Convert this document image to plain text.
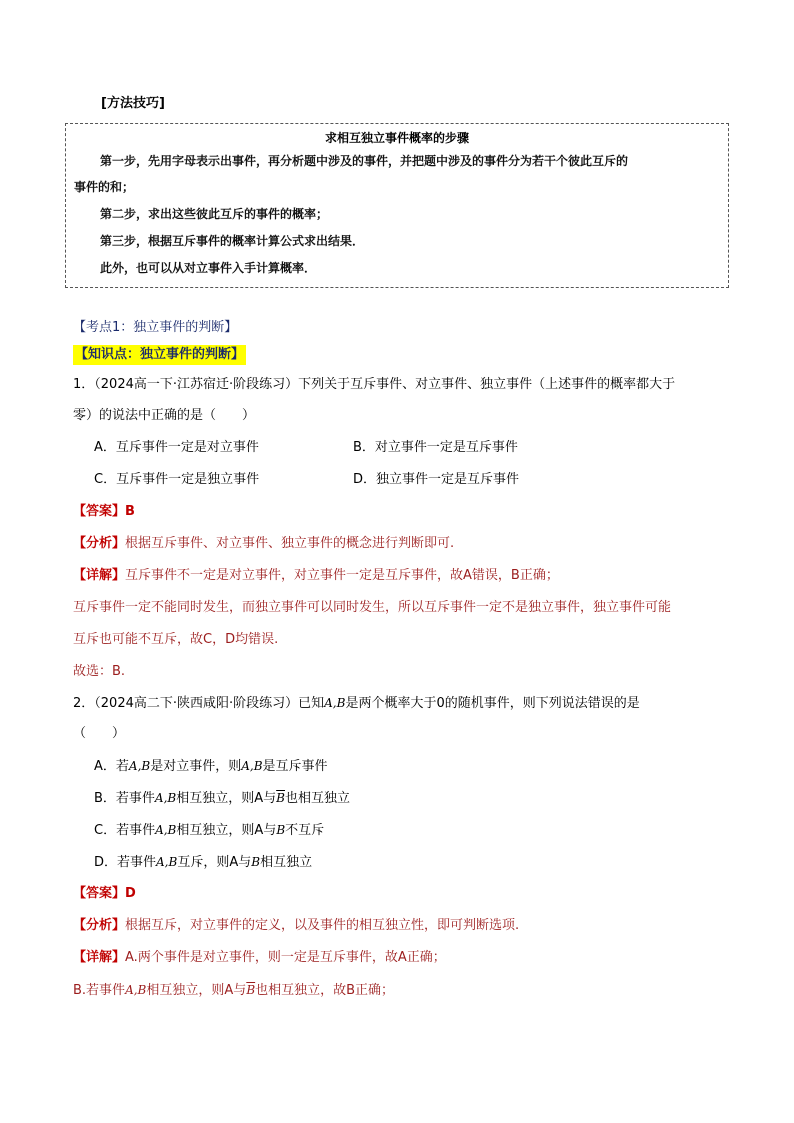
[方法技巧]
求相互独立事件概率的步骤
第一步，先用字母表示出事件，再分析题中涉及的事件，并把题中涉及的事件分为若干个彼此互斥的
事件的和；
第二步，求出这些彼此互斥的事件的概率；
第三步，根据互斥事件的概率计算公式求出结果．
此外，也可以从对立事件入手计算概率．
【考点1：独立事件的判断】
【知识点：独立事件的判断】
1．（2024高一下·江苏宿迁·阶段练习）下列关于互斥事件、对立事件、独立事件（上述事件的概率都大于
零）的说法中正确的是（　　）
A．互斥事件一定是对立事件	B．对立事件一定是互斥事件
C．互斥事件一定是独立事件	D．独立事件一定是互斥事件
【答案】B
【分析】根据互斥事件、对立事件、独立事件的概念进行判断即可.
【详解】互斥事件不一定是对立事件，对立事件一定是互斥事件，故A错误，B正确；
互斥事件一定不能同时发生，而独立事件可以同时发生，所以互斥事件一定不是独立事件，独立事件可能
互斥也可能不互斥，故C，D均错误.
故选：B.
2．（2024高二下·陕西咸阳·阶段练习）已知A,B是两个概率大于0的随机事件，则下列说法错误的是
（　　）
A．若A,B是对立事件，则A,B是互斥事件
B．若事件A,B相互独立，则A与$\overline{B}$也相互独立
C．若事件A,B相互独立，则A与B不互斥
D．若事件A,B互斥，则A与B相互独立
【答案】D
【分析】根据互斥，对立事件的定义，以及事件的相互独立性，即可判断选项.
【详解】A.两个事件是对立事件，则一定是互斥事件，故A正确；
B.若事件A,B相互独立，则A与$\overline{B}$也相互独立，故B正确；
